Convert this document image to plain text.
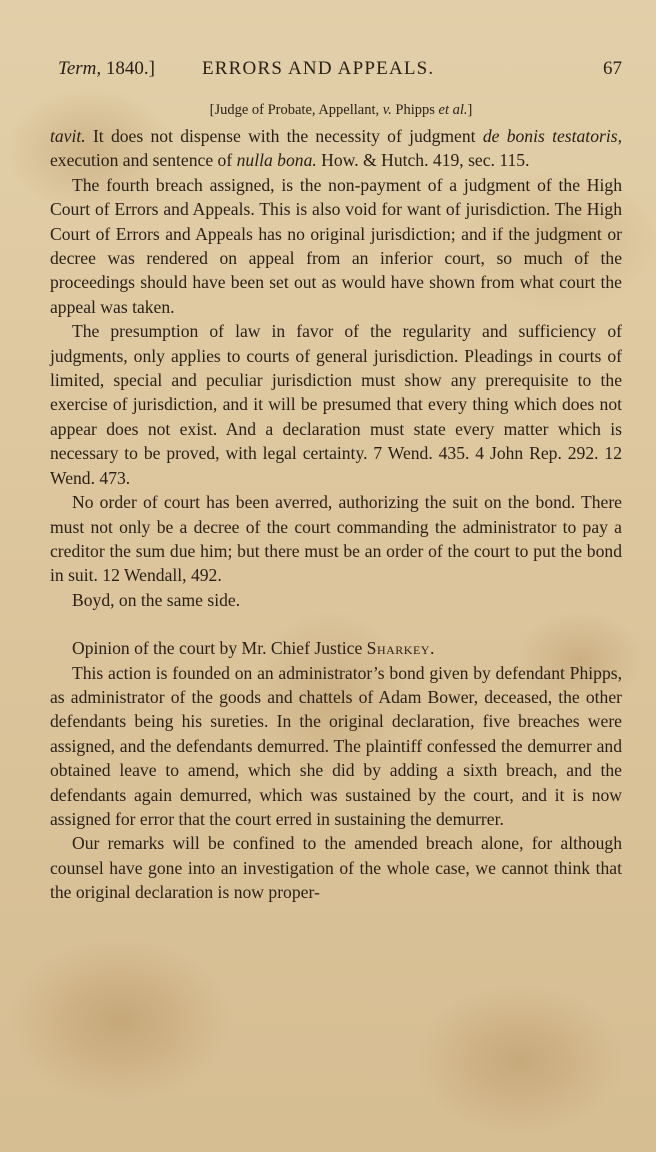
Term, 1840.] ERRORS AND APPEALS.	67
[Judge of Probate, Appellant, v. Phipps et al.]

tavit. It does not dispense with the necessity of judgment de bonis testatoris, execution and sentence of nulla bona. How. & Hutch. 419, sec. 115.

The fourth breach assigned, is the non-payment of a judgment of the High Court of Errors and Appeals. This is also void for want of jurisdiction. The High Court of Errors and Appeals has no original jurisdiction; and if the judgment or decree was rendered on appeal from an inferior court, so much of the proceedings should have been set out as would have shown from what court the appeal was taken.

The presumption of law in favor of the regularity and sufficiency of judgments, only applies to courts of general jurisdiction. Pleadings in courts of limited, special and peculiar jurisdiction must show any prerequisite to the exercise of jurisdiction, and it will be presumed that every thing which does not appear does not exist. And a declaration must state every matter which is necessary to be proved, with legal certainty. 7 Wend. 435. 4 John Rep. 292. 12 Wend. 473.

No order of court has been averred, authorizing the suit on the bond. There must not only be a decree of the court commanding the administrator to pay a creditor the sum due him; but there must be an order of the court to put the bond in suit. 12 Wendall, 492.

Boyd, on the same side.

Opinion of the court by Mr. Chief Justice Sharkey.

This action is founded on an administrator’s bond given by defendant Phipps, as administrator of the goods and chattels of Adam Bower, deceased, the other defendants being his sureties. In the original declaration, five breaches were assigned, and the defendants demurred. The plaintiff confessed the demurrer and obtained leave to amend, which she did by adding a sixth breach, and the defendants again demurred, which was sustained by the court, and it is now assigned for error that the court erred in sustaining the demurrer.

Our remarks will be confined to the amended breach alone, for although counsel have gone into an investigation of the whole case, we cannot think that the original declaration is now proper-
